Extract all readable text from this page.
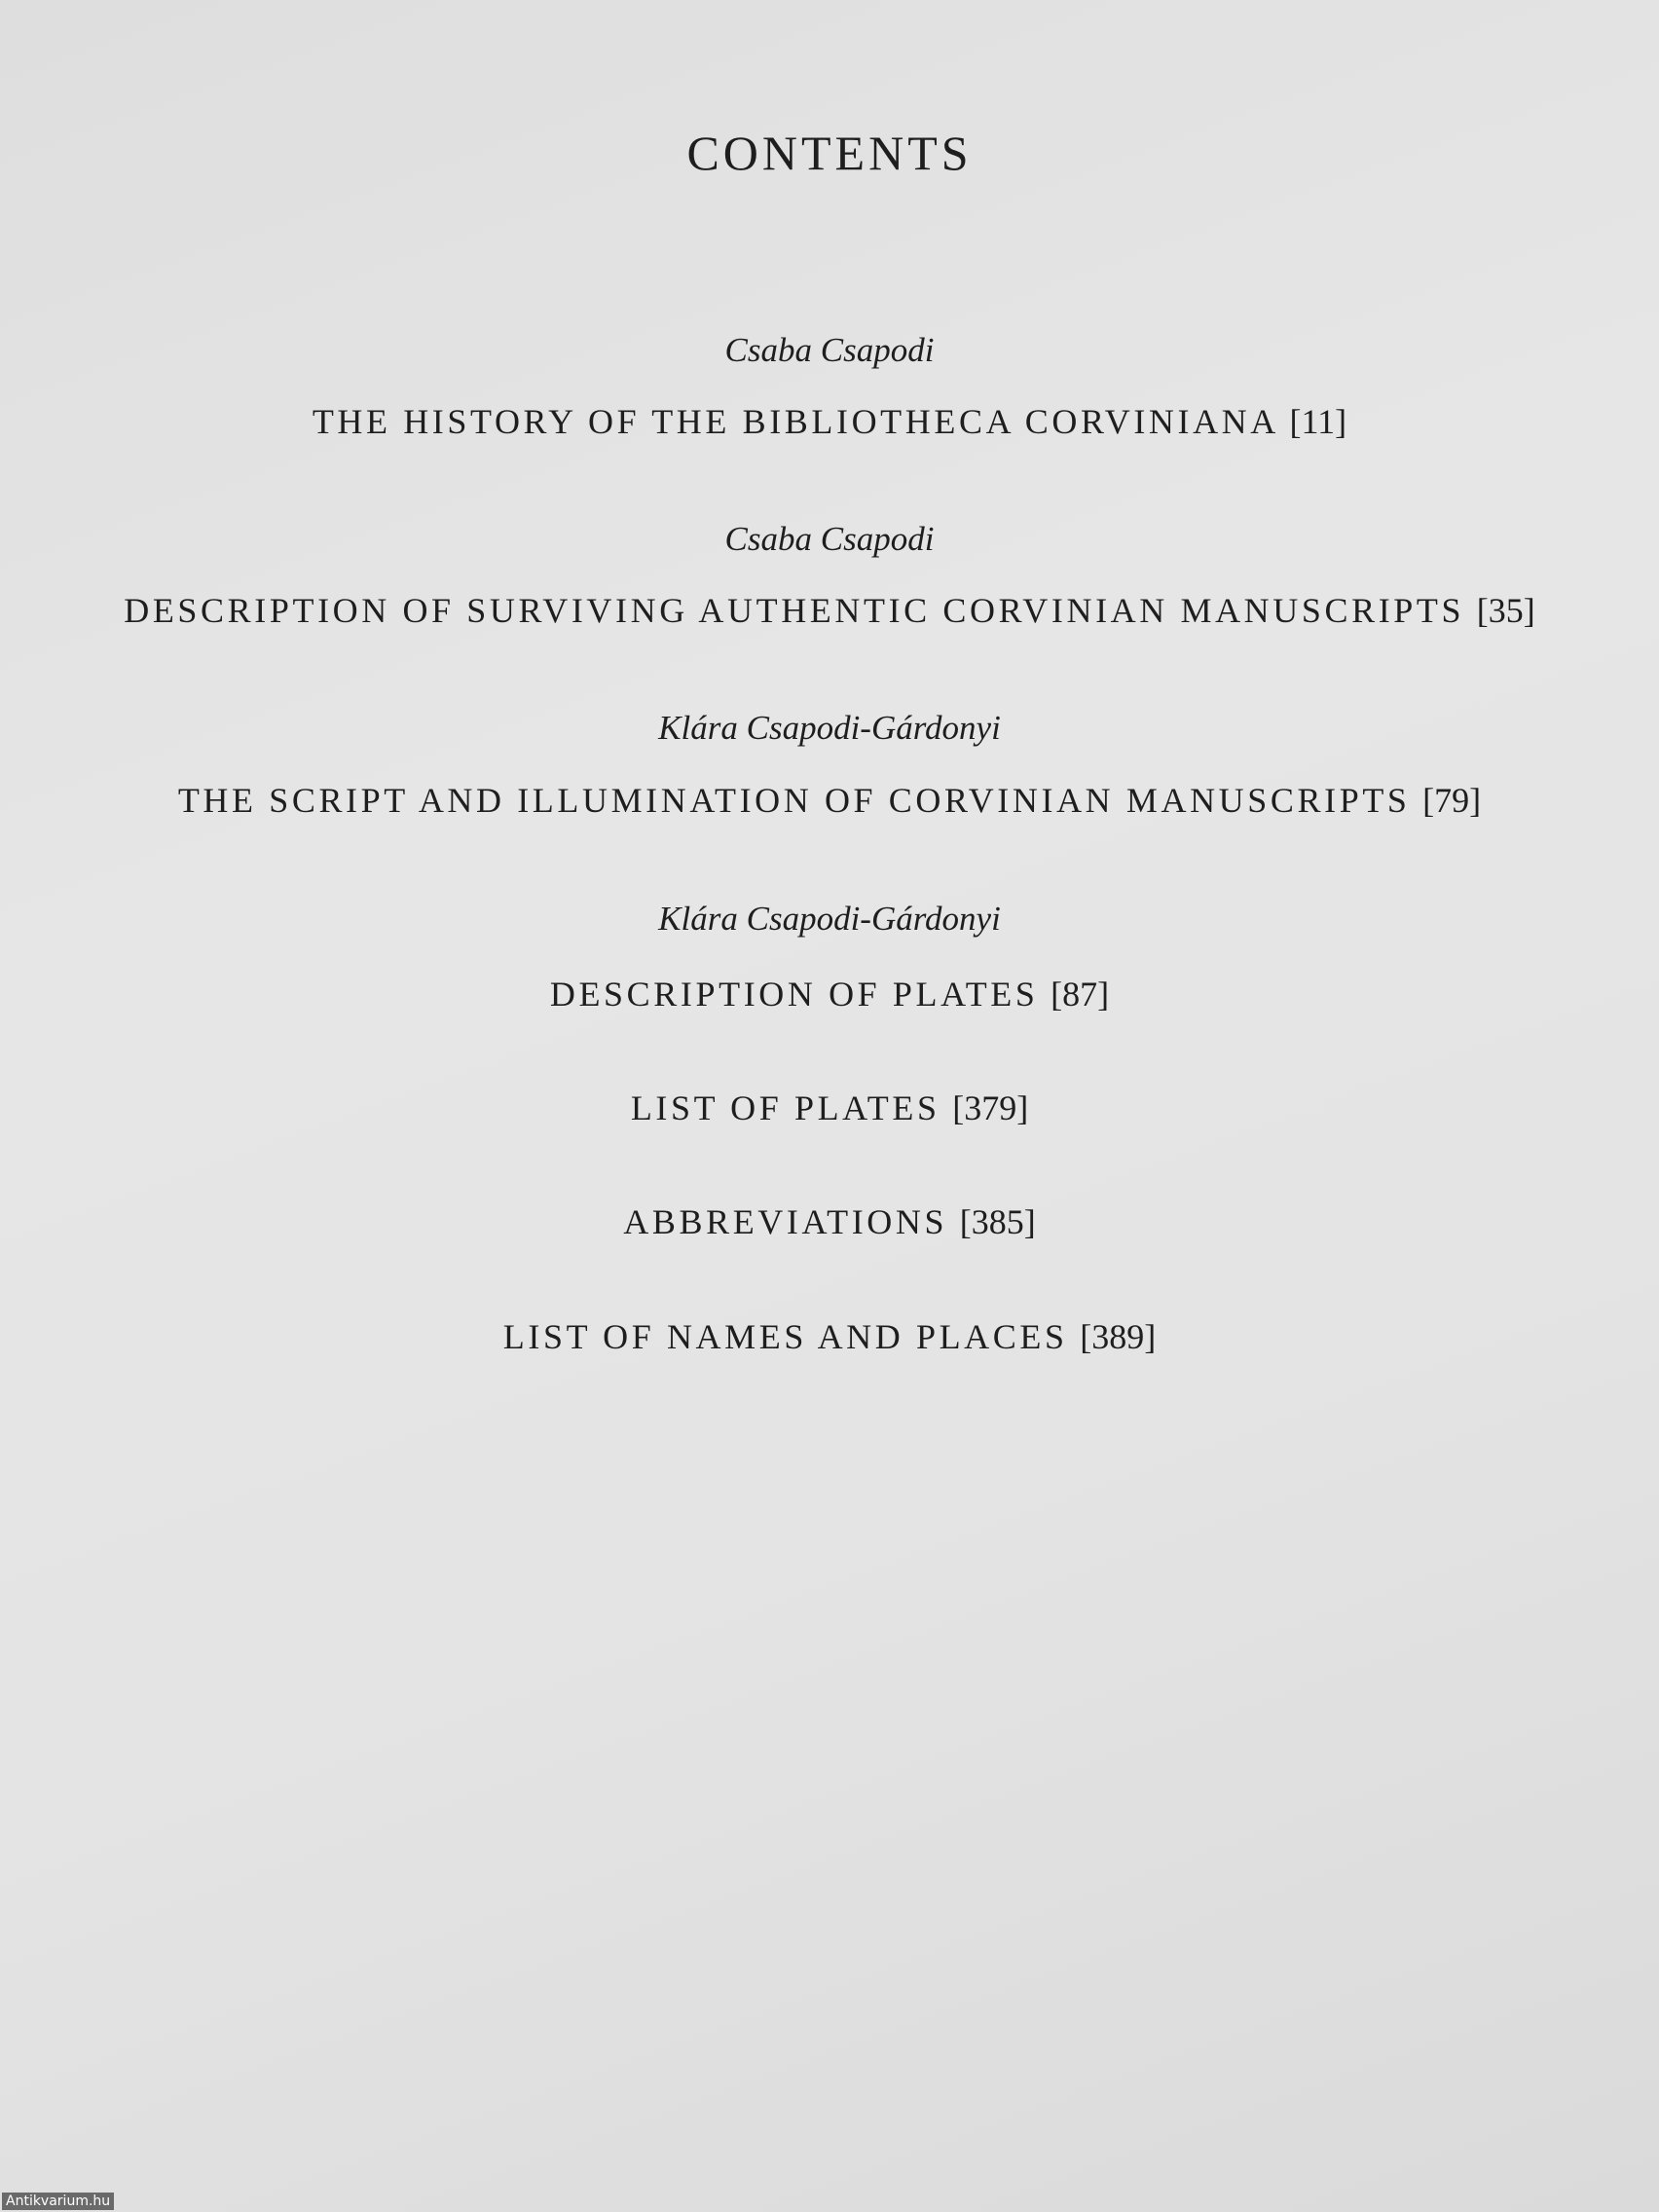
CONTENTS
Csaba Csapodi
THE HISTORY OF THE BIBLIOTHECA CORVINIANA [11]
Csaba Csapodi
DESCRIPTION OF SURVIVING AUTHENTIC CORVINIAN MANUSCRIPTS [35]
Klára Csapodi-Gárdonyi
THE SCRIPT AND ILLUMINATION OF CORVINIAN MANUSCRIPTS [79]
Klára Csapodi-Gárdonyi
DESCRIPTION OF PLATES [87]
LIST OF PLATES [379]
ABBREVIATIONS [385]
LIST OF NAMES AND PLACES [389]
Antikvarium.hu
